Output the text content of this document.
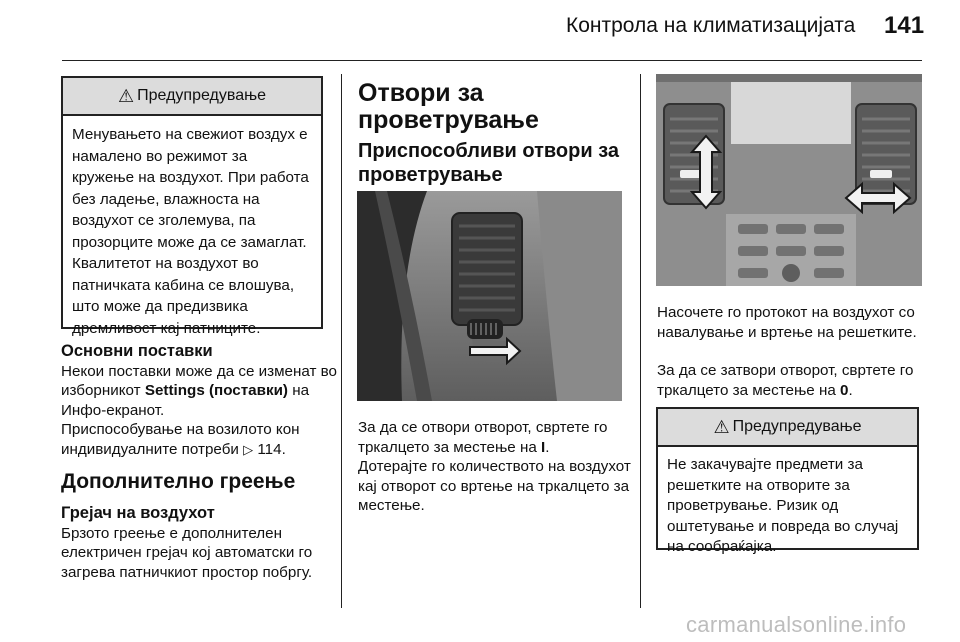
Контрола на климатизацијата 141
⚠ Предупредување
Менувањето на свежиот воздух е намалено во режимот за кружење на воздухот. При работа без ладење, влажноста на воздухот се зголемува, па прозорците може да се замаглат. Квалитетот на воздухот во патничката кабина се влошува, што може да предизвика дремливост кај патниците.
Основни поставки
Некои поставки може да се изменат во изборникот Settings (поставки) на Инфо-екранот.
Приспособување на возилото кон индивидуалните потреби ▷ 114.
Дополнително греење
Грејач на воздухот
Брзото греење е дополнителен електричен грејач кој автоматски го загрева патничкиот простор побргу.
Отвори за проветрување
Приспособливи отвори за проветрување
За да се отвори отворот, свртете го тркалцето за местење на I.
Дотерајте го количеството на воздухот кај отворот со вртење на тркалцето за местење.
Насочете го протокот на воздухот со навалување и вртење на решетките.
За да се затвори отворот, свртете го тркалцето за местење на 0.
⚠ Предупредување
Не закачувајте предмети за решетките на отворите за проветрување. Ризик од оштетување и повреда во случај на сообраќајка.
carmanualsonline.info
